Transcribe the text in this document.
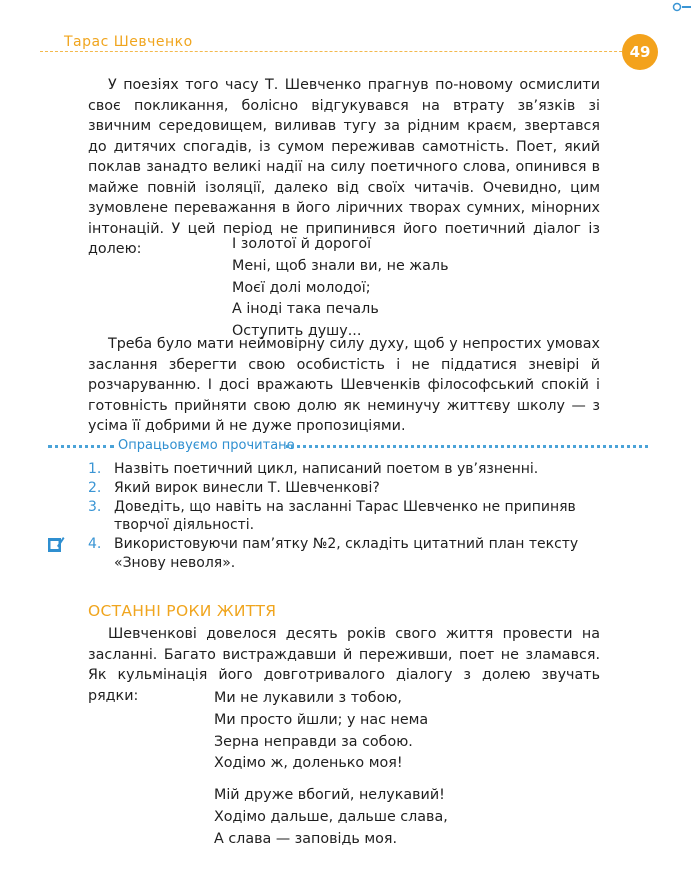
Тарас Шевченко
49

У поезіях того часу Т. Шевченко прагнув по-новому осмислити своє покликання, болісно відгукувався на втрату зв’язків зі звичним середовищем, виливав тугу за рідним краєм, звертався до дитячих спогадів, із сумом переживав самотність. Поет, який поклав занадто великі надії на силу поетичного слова, опинився в майже повній ізоляції, далеко від своїх читачів. Очевидно, цим зумовлене переважання в його ліричних творах сумних, мінорних інтонацій. У цей період не припинився його поетичний діалог із долею:	І золотої й дорогої
Мені, щоб знали ви, не жаль
Моєї долі молодої;
А іноді така печаль
Оступить душу...

Треба було мати неймовірну силу духу, щоб у непростих умовах заслання зберегти свою особистість і не піддатися зневірі й розчаруванню. І досі вражають Шевченків філософський спокій і готовність прийняти свою долю як неминучу життєву школу — з усіма її добрими й не дуже пропозиціями.

Опрацьовуємо прочитане
1. Назвіть поетичний цикл, написаний поетом в ув’язненні.
2. Який вирок винесли Т. Шевченкові?
3. Доведіть, що навіть на засланні Тарас Шевченко не припиняв творчої діяльності.
4. Використовуючи пам’ятку №2, складіть цитатний план тексту «Знову неволя».
ОСТАННІ РОКИ ЖИТТЯ

Шевченкові довелося десять років свого життя провести на засланні. Багато вистраждавши й переживши, поет не зламався. Як кульмінація його довготривалого діалогу з долею звучать рядки:	Ми не лукавили з тобою,
Ми просто йшли; у нас нема
Зерна неправди за собою.
Ходімо ж, доленько моя!
Мій друже вбогий, нелукавий!
Ходімо дальше, дальше слава,
А слава — заповідь моя.
